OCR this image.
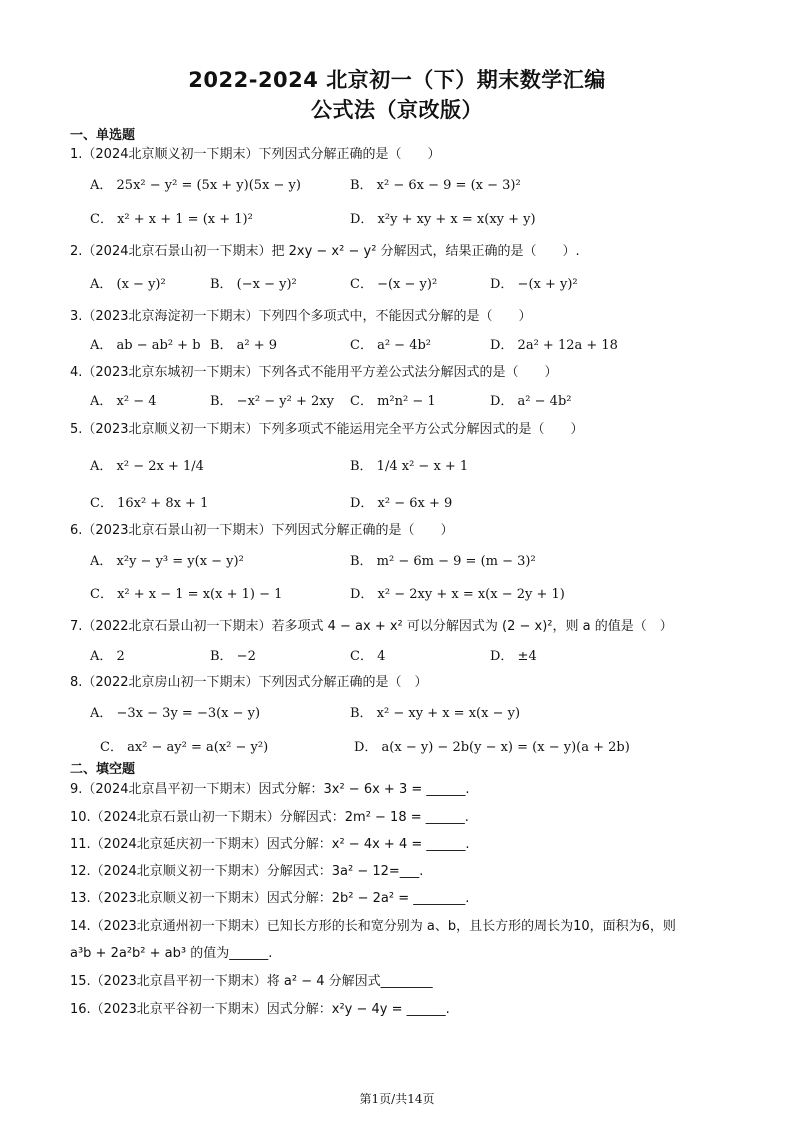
2022-2024 北京初一（下）期末数学汇编
公式法（京改版）
一、单选题
1.（2024北京顺义初一下期末）下列因式分解正确的是（　　）
A． 25x² − y² = (5x + y)(5x − y)	B． x² − 6x − 9 = (x − 3)²
C． x² + x + 1 = (x + 1)²	D． x²y + xy + x = x(xy + y)
2.（2024北京石景山初一下期末）把 2xy − x² − y² 分解因式，结果正确的是（　　）.
A． (x − y)²	B． (−x − y)²	C． −(x − y)²	D． −(x + y)²
3.（2023北京海淀初一下期末）下列四个多项式中，不能因式分解的是（　　）
A． ab − ab² + b B． a² + 9	C． a² − 4b²	D． 2a² + 12a + 18
4.（2023北京东城初一下期末）下列各式不能用平方差公式法分解因式的是（　　）
A． x² − 4	B． −x² − y² + 2xy C． m²n² − 1	D． a² − 4b²
5.（2023北京顺义初一下期末）下列多项式不能运用完全平方公式分解因式的是（　　）
A． x² − 2x + 1/4	B． 1/4 x² − x + 1
C． 16x² + 8x + 1	D． x² − 6x + 9
6.（2023北京石景山初一下期末）下列因式分解正确的是（　　）
A． x²y − y³ = y(x − y)²	B． m² − 6m − 9 = (m − 3)²
C． x² + x − 1 = x(x + 1) − 1	D． x² − 2xy + x = x(x − 2y + 1)
7.（2022北京石景山初一下期末）若多项式 4 − ax + x² 可以分解因式为 (2 − x)²，则 a 的值是（　）
A． 2	B． −2	C． 4	D． ±4
8.（2022北京房山初一下期末）下列因式分解正确的是（　）
A． −3x − 3y = −3(x − y)	B． x² − xy + x = x(x − y)
C． ax² − ay² = a(x² − y²)	D． a(x − y) − 2b(y − x) = (x − y)(a + 2b)
二、填空题
9.（2024北京昌平初一下期末）因式分解：3x² − 6x + 3 = ______.
10.（2024北京石景山初一下期末）分解因式：2m² − 18 = ______.
11.（2024北京延庆初一下期末）因式分解：x² − 4x + 4 = ______.
12.（2024北京顺义初一下期末）分解因式：3a² − 12=___.
13.（2023北京顺义初一下期末）因式分解：2b² − 2a² = ________.
14.（2023北京通州初一下期末）已知长方形的长和宽分别为 a、b，且长方形的周长为10，面积为6，则
a³b + 2a²b² + ab³ 的值为______.
15.（2023北京昌平初一下期末）将 a² − 4 分解因式________
16.（2023北京平谷初一下期末）因式分解：x²y − 4y = ______.
第1页/共14页
